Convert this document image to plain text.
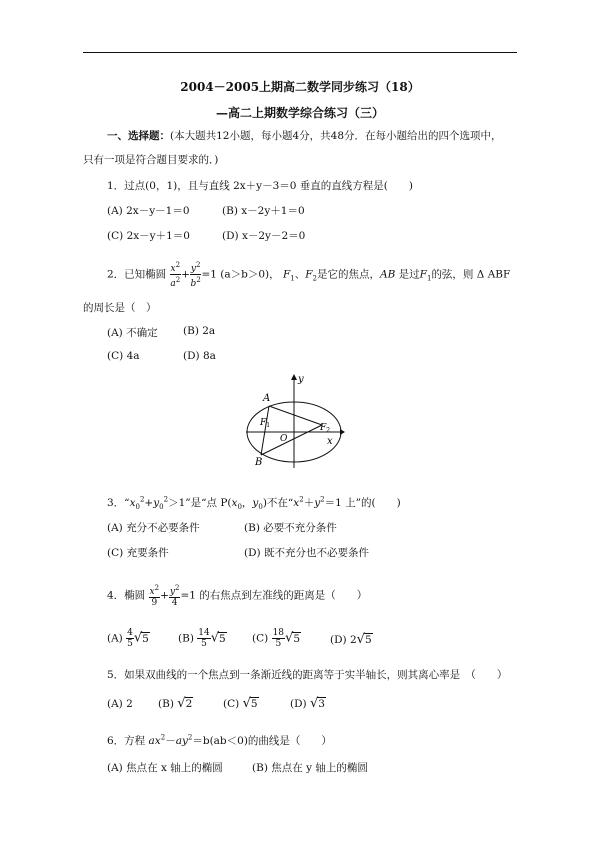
2004－2005上期高二数学同步练习（18）
—高二上期数学综合练习（三）
一、选择题：(本大题共12小题，每小题4分，共48分．在每小题给出的四个选项中，
只有一项是符合题目要求的．)
1．过点(0，1)，且与直线 2x＋y－3＝0 垂直的直线方程是(　　)
(A) 2x－y－1＝0	(B) x－2y＋1＝0
(C) 2x－y＋1＝0	(D) x－2y－2＝0
2．已知椭圆 $\frac{x^2}{a^2} + \frac{y^2}{b^2} =1$ (a＞b＞0)， $F_1$、$F_2$是它的焦点，AB 是过$F_1$的弦，则 Δ ABF
的周长是（　）
(A) 不确定 (B) 2a
(C) 4a	(D) 8a
A
B
$F_1$	$F_2$
O	x
y
3．“$x_0^2+y_0^2>1$”是“点 $P(x_0$，$y_0$)不在“$x^2+y^2=1$ 上”的(　　)
(A) 充分不必要条件	(B) 必要不充分条件
(C) 充要条件	(D) 既不充分也不必要条件
4．椭圆 $\frac{x^2}{9} + \frac{y^2}{4} =1$ 的右焦点到左准线的距离是（　　）
$(A) \frac{4}{5} √5$	$(B) \frac{14}{5} √5$	$(C) \frac{18}{5} √5$	(D) 2√5
5．如果双曲线的一个焦点到一条渐近线的距离等于实半轴长，则其离心率是　（　　）
(A) 2 (B) √2	(C) √5	(D) √3
6．方程 $ax^2-ay^2=b(ab<0)$的曲线是（　　）
(A) 焦点在 x 轴上的椭圆	(B) 焦点在 y 轴上的椭圆
